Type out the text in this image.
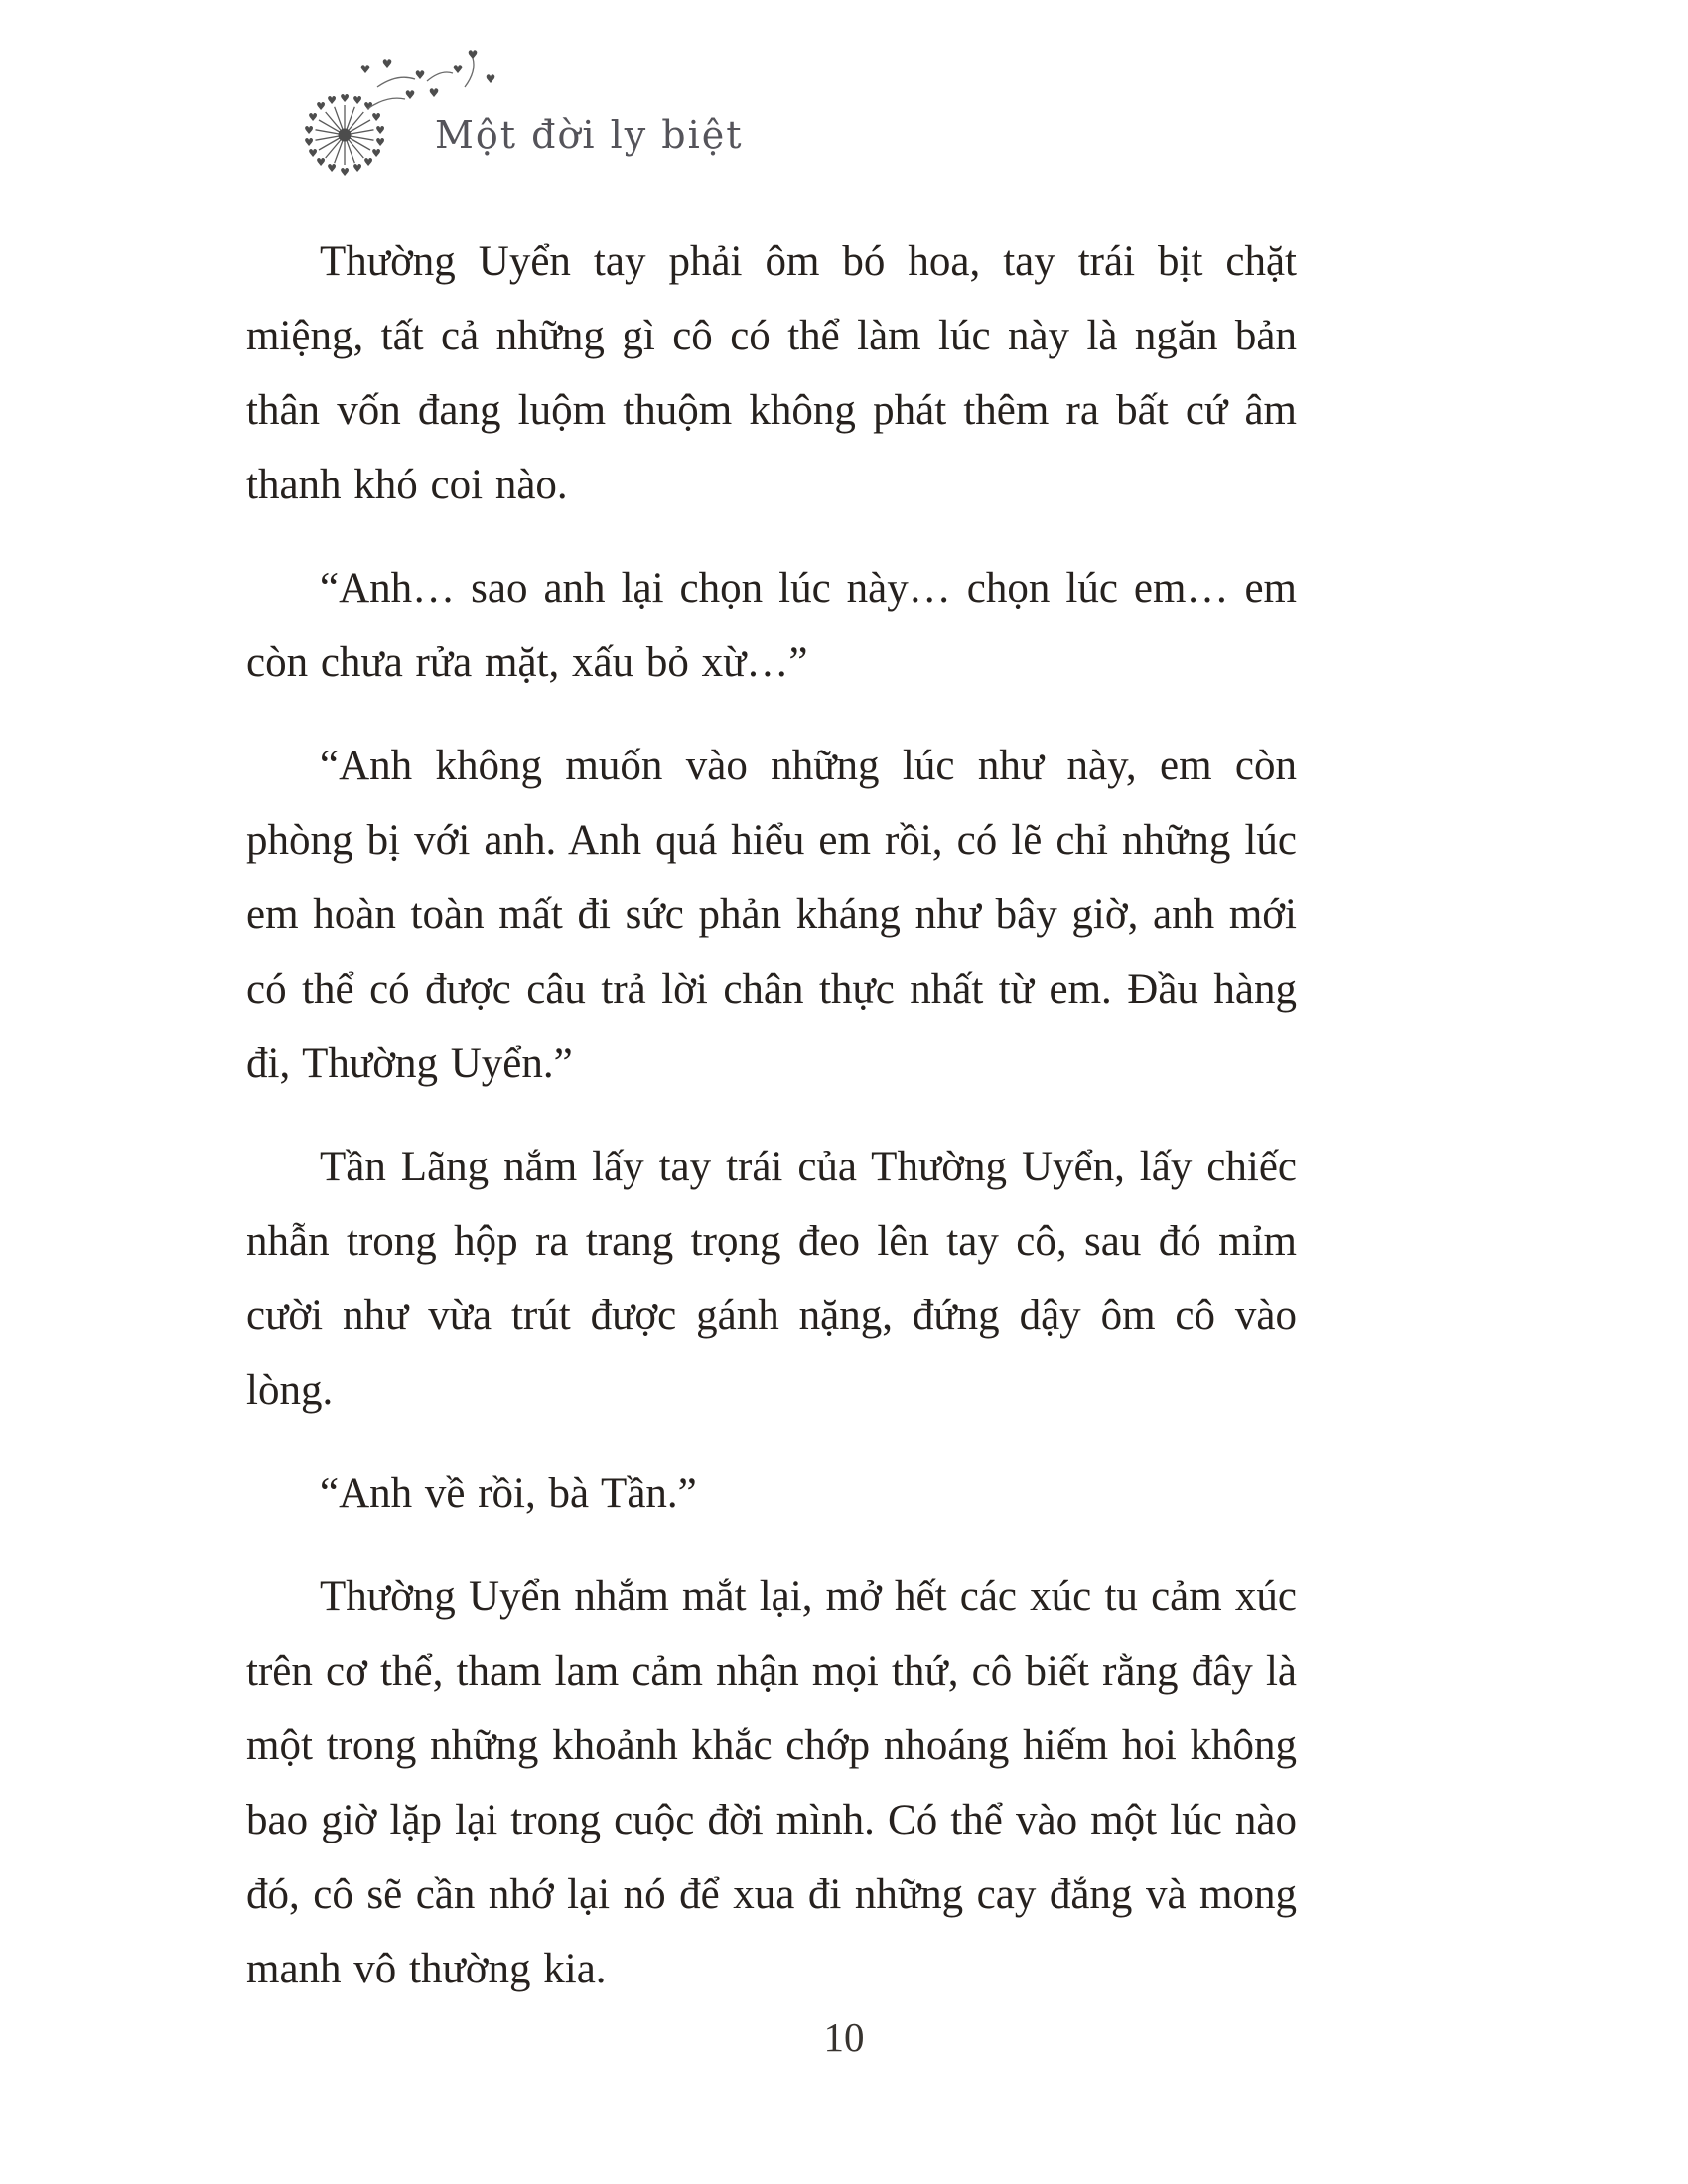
♥ ♥ ♥
♥
♥
♥
♥
♥
♥
♥
♥
♥
♥
♥
♥
♥
♥ ♥	♥
♥ ♥
♥
♥
♥
♥
♥
Một đời ly biệt

Thường Uyển tay phải ôm bó hoa, tay trái bịt chặt miệng, tất cả những gì cô có thể làm lúc này là ngăn bản thân vốn đang luộm thuộm không phát thêm ra bất cứ âm thanh khó coi nào.

“Anh… sao anh lại chọn lúc này… chọn lúc em… em còn chưa rửa mặt, xấu bỏ xừ…”

“Anh không muốn vào những lúc như này, em còn phòng bị với anh. Anh quá hiểu em rồi, có lẽ chỉ những lúc em hoàn toàn mất đi sức phản kháng như bây giờ, anh mới có thể có được câu trả lời chân thực nhất từ em. Đầu hàng đi, Thường Uyển.”

Tần Lãng nắm lấy tay trái của Thường Uyển, lấy chiếc nhẫn trong hộp ra trang trọng đeo lên tay cô, sau đó mỉm cười như vừa trút được gánh nặng, đứng dậy ôm cô vào lòng.

“Anh về rồi, bà Tần.”

Thường Uyển nhắm mắt lại, mở hết các xúc tu cảm xúc trên cơ thể, tham lam cảm nhận mọi thứ, cô biết rằng đây là một trong những khoảnh khắc chớp nhoáng hiếm hoi không bao giờ lặp lại trong cuộc đời mình. Có thể vào một lúc nào đó, cô sẽ cần nhớ lại nó để xua đi những cay đắng và mong manh vô thường kia.

10
